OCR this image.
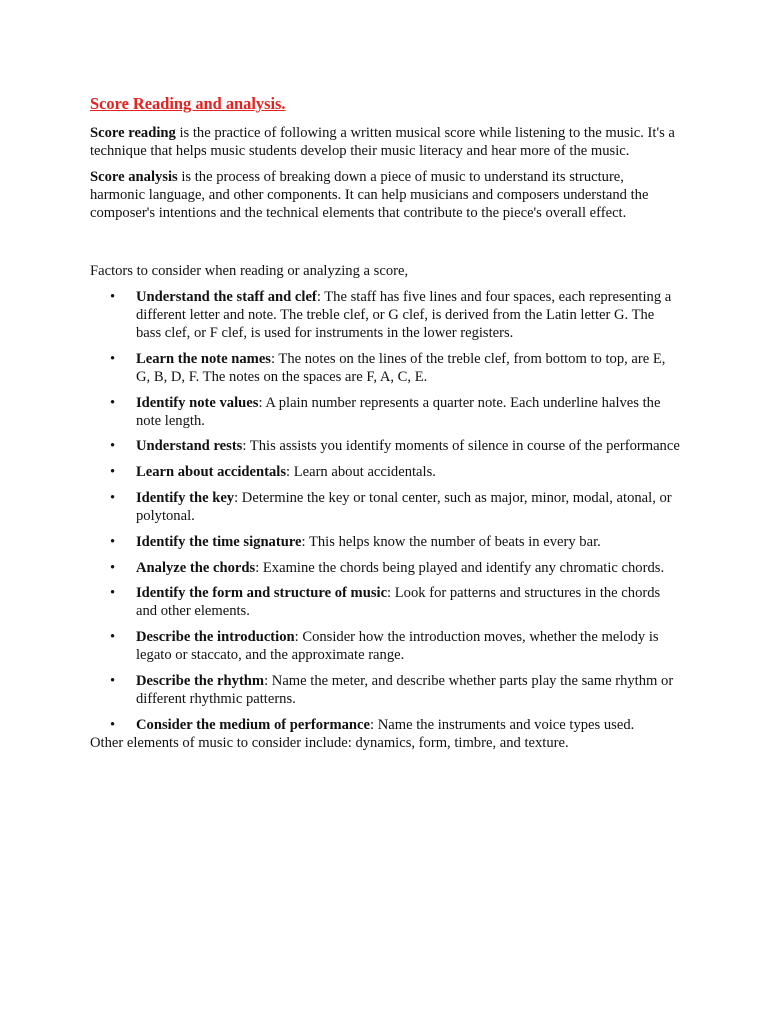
Score Reading and analysis.

Score reading is the practice of following a written musical score while listening to the music. It's a technique that helps music students develop their music literacy and hear more of the music.

Score analysis is the process of breaking down a piece of music to understand its structure, harmonic language, and other components. It can help musicians and composers understand the composer's intentions and the technical elements that contribute to the piece's overall effect.

Factors to consider when reading or analyzing a score,

•	Understand the staff and clef: The staff has five lines and four spaces, each representing a different letter and note. The treble clef, or G clef, is derived from the Latin letter G. The bass clef, or F clef, is used for instruments in the lower registers.
•	Learn the note names: The notes on the lines of the treble clef, from bottom to top, are E, G, B, D, F. The notes on the spaces are F, A, C, E.
•	Identify note values: A plain number represents a quarter note. Each underline halves the note length.
•	Understand rests: This assists you identify moments of silence in course of the performance
•	Learn about accidentals: Learn about accidentals.
•	Identify the key: Determine the key or tonal center, such as major, minor, modal, atonal, or polytonal.
•	Identify the time signature: This helps know the number of beats in every bar.
•	Analyze the chords: Examine the chords being played and identify any chromatic chords.
•	Identify the form and structure of music: Look for patterns and structures in the chords and other elements.
•	Describe the introduction: Consider how the introduction moves, whether the melody is legato or staccato, and the approximate range.
•	Describe the rhythm: Name the meter, and describe whether parts play the same rhythm or different rhythmic patterns.
•	Consider the medium of performance: Name the instruments and voice types used.

Other elements of music to consider include: dynamics, form, timbre, and texture.
